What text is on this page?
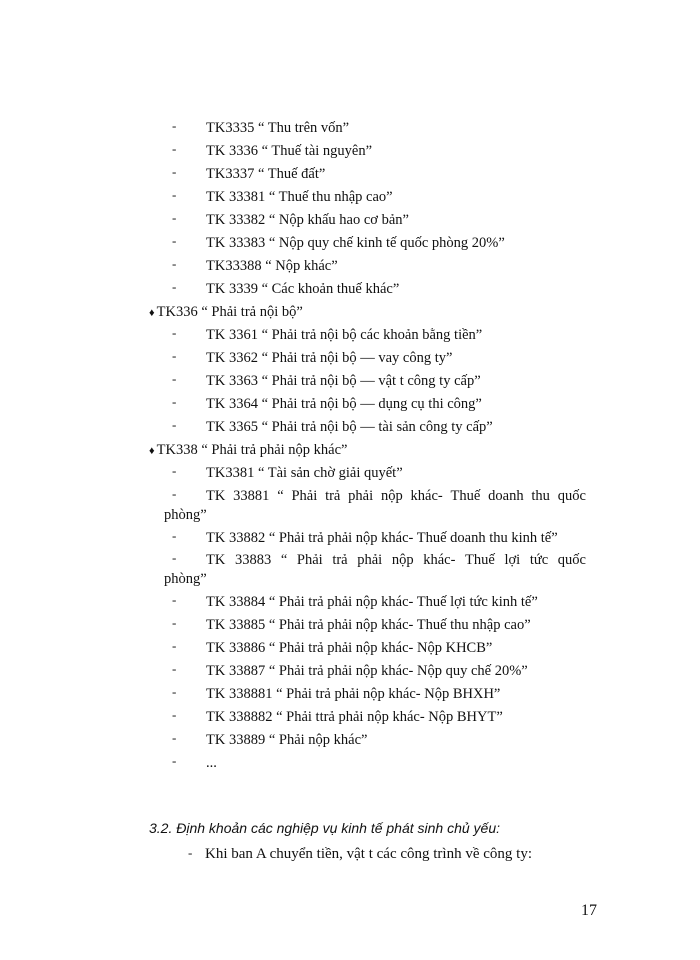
- TK3335 “ Thu trên vốn”
- TK 3336 “ Thuế tài nguyên”
- TK3337 “ Thuế đất”
- TK 33381 “ Thuế thu nhập cao”
- TK 33382 “ Nộp khấu hao cơ bản”
- TK 33383 “ Nộp quy chế kinh tế quốc phòng 20%”
- TK33388 “ Nộp khác”
- TK 3339 “ Các khoản thuế khác”
♦ TK336 “ Phải trả nội bộ”
- TK 3361 “ Phải trả nội bộ các khoản bằng tiền”
- TK 3362 “ Phải trả nội bộ — vay công ty”
- TK 3363 “ Phải trả nội bộ — vật t công ty cấp”
- TK 3364 “ Phải trả nội bộ — dụng cụ thi công”
- TK 3365 “ Phải trả nội bộ — tài sản công ty cấp”
♦ TK338 “ Phải trả phải nộp khác”
- TK3381 “ Tài sản chờ giải quyết”
- TK 33881 “ Phải trả phải nộp khác- Thuế doanh thu quốc
phòng”
- TK 33882 “ Phải trả phải nộp khác- Thuế doanh thu kinh tế”
- TK 33883 “ Phải trả phải nộp khác- Thuế lợi tức quốc
phòng”
- TK 33884 “ Phải trả phải nộp khác- Thuế lợi tức kinh tế”
- TK 33885 “ Phải trả phải nộp khác- Thuế thu nhập cao”
- TK 33886 “ Phải trả phải nộp khác- Nộp KHCB”
- TK 33887 “ Phải trả phải nộp khác- Nộp quy chế 20%”
- TK 338881 “ Phải trả phải nộp khác- Nộp BHXH”
- TK 338882 “ Phải ttrả phải nộp khác- Nộp BHYT”
- TK 33889 “ Phải nộp khác”
- ...
3.2. Định khoản các nghiệp vụ kinh tế phát sinh chủ yếu:
- Khi ban A chuyển tiền, vật t các công trình về công ty:
17
